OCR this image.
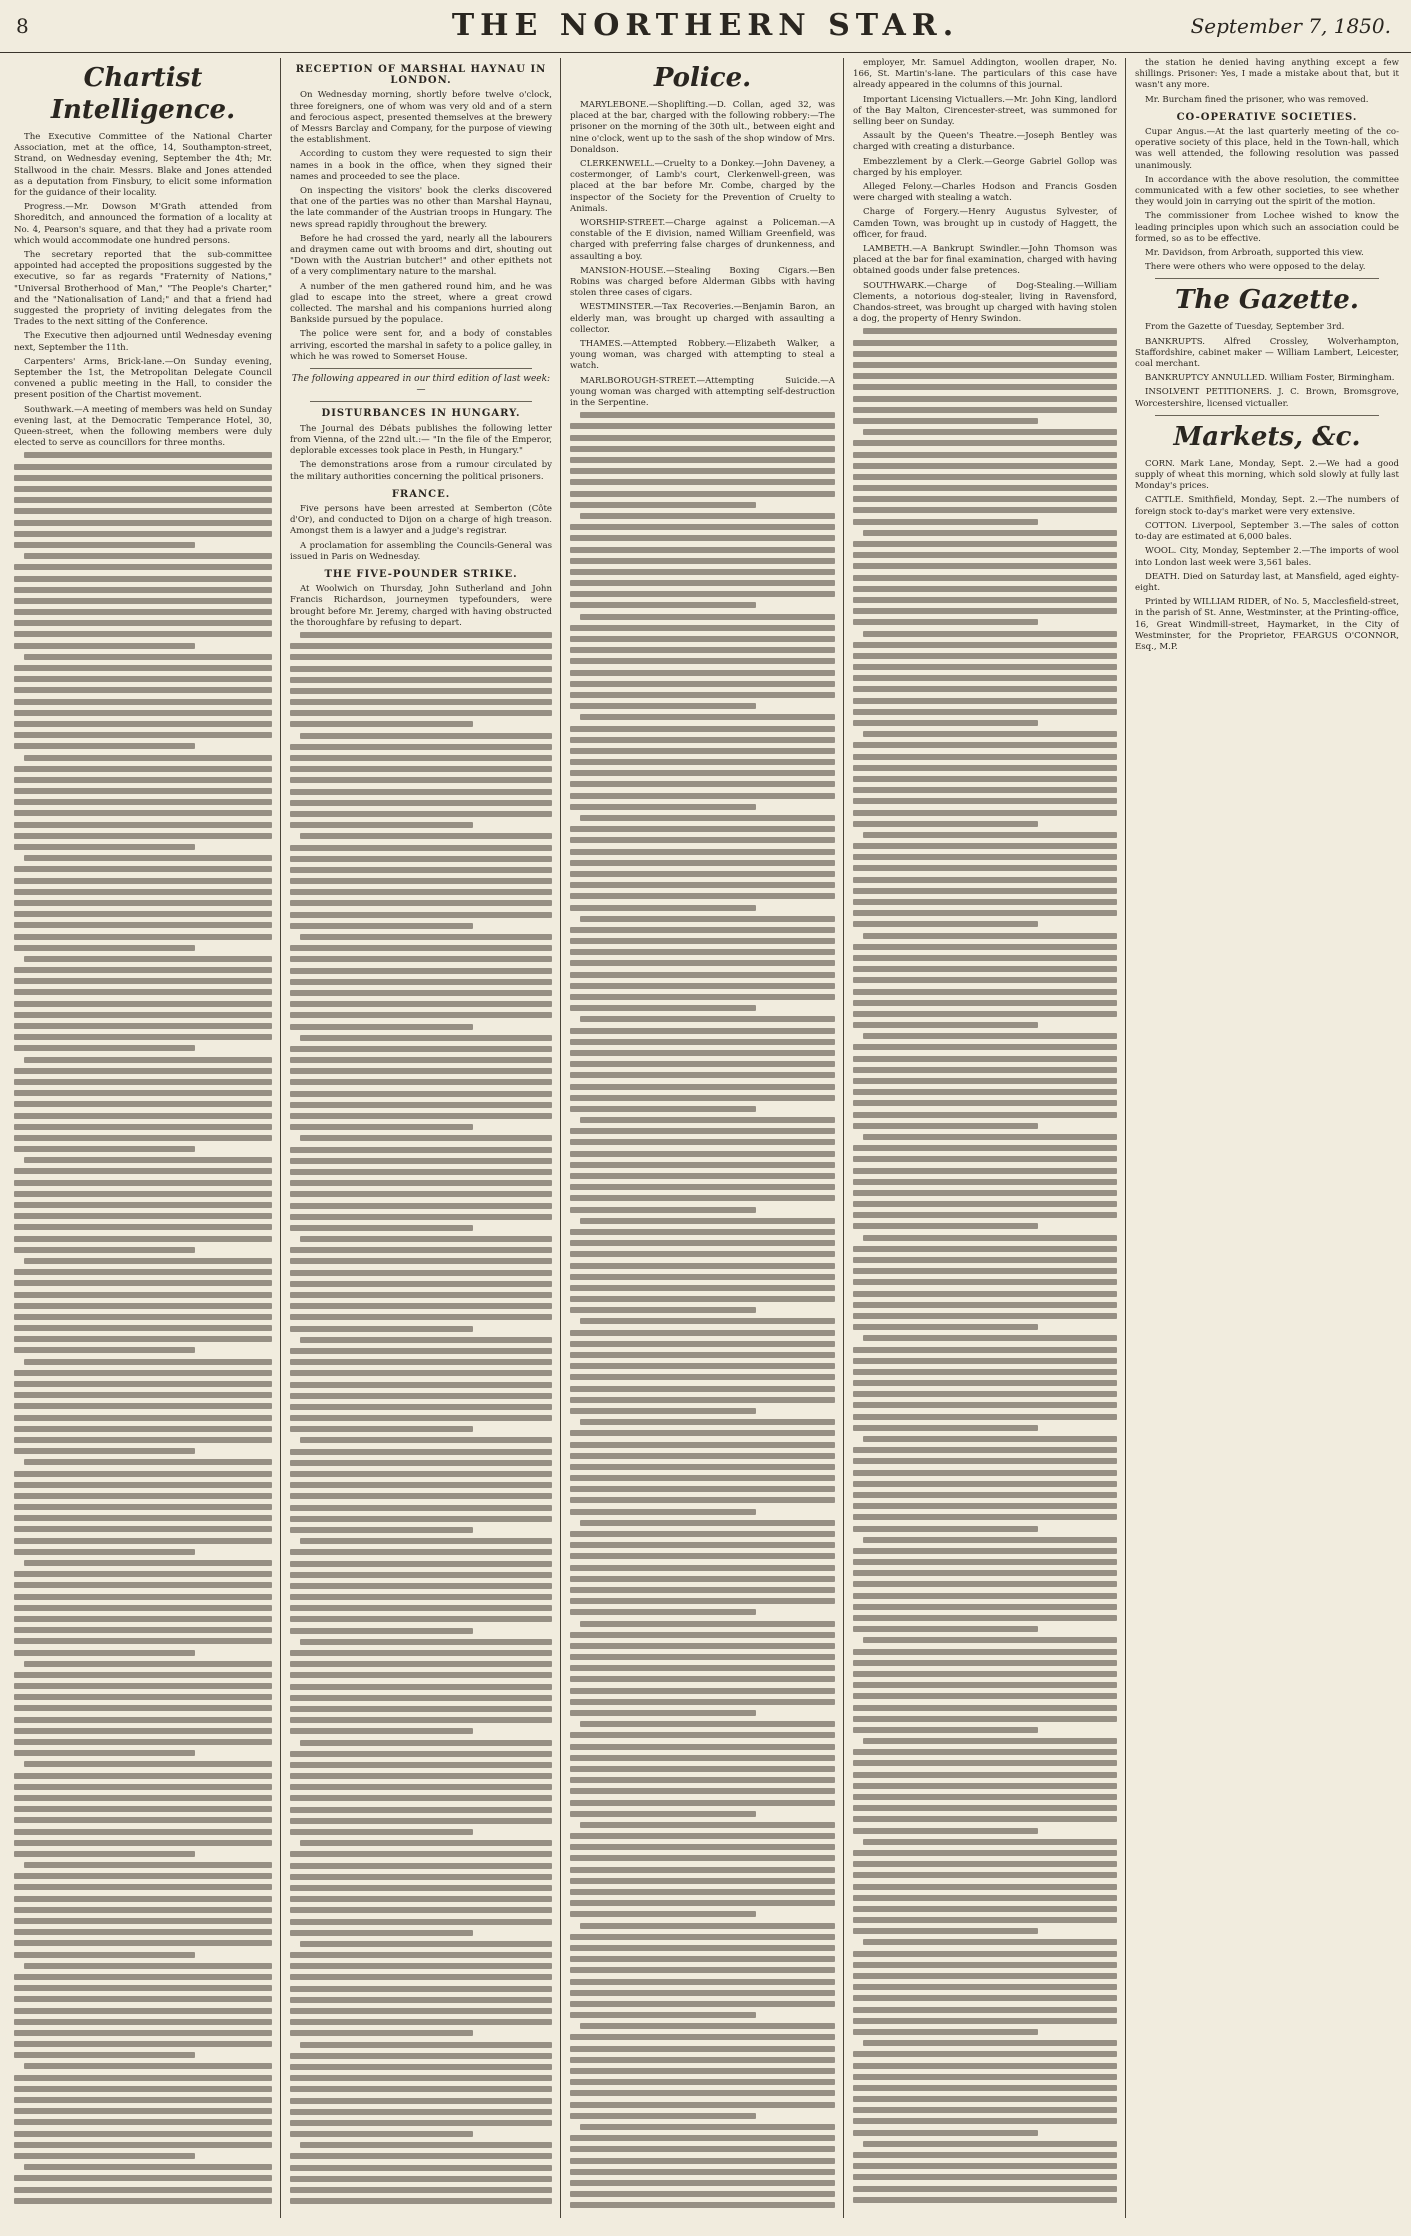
8	THE NORTHERN STAR.	September 7, 1850.
Chartist Intelligence.

The Executive Committee of the National Charter Association, met at the office, 14, Southampton-street, Strand, on Wednesday evening, September the 4th; Mr. Stallwood in the chair. Messrs. Blake and Jones attended as a deputation from Finsbury, to elicit some information for the guidance of their locality.

Progress.—Mr. Dowson M'Grath attended from Shoreditch, and announced the formation of a locality at No. 4, Pearson's square, and that they had a private room which would accommodate one hundred persons.

The secretary reported that the sub-committee appointed had accepted the propositions suggested by the executive, so far as regards "Fraternity of Nations," "Universal Brotherhood of Man," "The People's Charter," and the "Nationalisation of Land;" and that a friend had suggested the propriety of inviting delegates from the Trades to the next sitting of the Conference.

The Executive then adjourned until Wednesday evening next, September the 11th.

Carpenters' Arms, Brick-lane.—On Sunday evening, September the 1st, the Metropolitan Delegate Council convened a public meeting in the Hall, to consider the present position of the Chartist movement.

Southwark.—A meeting of members was held on Sunday evening last, at the Democratic Temperance Hotel, 30, Queen-street, when the following members were duly elected to serve as councillors for three months.

RECEPTION OF MARSHAL HAYNAU IN LONDON.

On Wednesday morning, shortly before twelve o'clock, three foreigners, one of whom was very old and of a stern and ferocious aspect, presented themselves at the brewery of Messrs Barclay and Company, for the purpose of viewing the establishment.

According to custom they were requested to sign their names in a book in the office, when they signed their names and proceeded to see the place.

On inspecting the visitors' book the clerks discovered that one of the parties was no other than Marshal Haynau, the late commander of the Austrian troops in Hungary. The news spread rapidly throughout the brewery.

Before he had crossed the yard, nearly all the labourers and draymen came out with brooms and dirt, shouting out "Down with the Austrian butcher!" and other epithets not of a very complimentary nature to the marshal.

A number of the men gathered round him, and he was glad to escape into the street, where a great crowd collected. The marshal and his companions hurried along Bankside pursued by the populace.

The police were sent for, and a body of constables arriving, escorted the marshal in safety to a police galley, in which he was rowed to Somerset House.

The following appeared in our third edition of last week:—
DISTURBANCES IN HUNGARY.

The Journal des Débats publishes the following letter from Vienna, of the 22nd ult.:— "In the file of the Emperor, deplorable excesses took place in Pesth, in Hungary."

The demonstrations arose from a rumour circulated by the military authorities concerning the political prisoners.

FRANCE.

Five persons have been arrested at Semberton (Côte d'Or), and conducted to Dijon on a charge of high treason. Amongst them is a lawyer and a judge's registrar.

A proclamation for assembling the Councils-General was issued in Paris on Wednesday.

THE FIVE-POUNDER STRIKE.

At Woolwich on Thursday, John Sutherland and John Francis Richardson, journeymen typefounders, were brought before Mr. Jeremy, charged with having obstructed the thoroughfare by refusing to depart.

Police.

MARYLEBONE.—Shoplifting.—D. Collan, aged 32, was placed at the bar, charged with the following robbery:—The prisoner on the morning of the 30th ult., between eight and nine o'clock, went up to the sash of the shop window of Mrs. Donaldson.

CLERKENWELL.—Cruelty to a Donkey.—John Daveney, a costermonger, of Lamb's court, Clerkenwell-green, was placed at the bar before Mr. Combe, charged by the inspector of the Society for the Prevention of Cruelty to Animals.

WORSHIP-STREET.—Charge against a Policeman.—A constable of the E division, named William Greenfield, was charged with preferring false charges of drunkenness, and assaulting a boy.

MANSION-HOUSE.—Stealing Boxing Cigars.—Ben Robins was charged before Alderman Gibbs with having stolen three cases of cigars.

WESTMINSTER.—Tax Recoveries.—Benjamin Baron, an elderly man, was brought up charged with assaulting a collector.

THAMES.—Attempted Robbery.—Elizabeth Walker, a young woman, was charged with attempting to steal a watch.

MARLBOROUGH-STREET.—Attempting Suicide.—A young woman was charged with attempting self-destruction in the Serpentine.

employer, Mr. Samuel Addington, woollen draper, No. 166, St. Martin's-lane. The particulars of this case have already appeared in the columns of this journal.

Important Licensing Victuallers.—Mr. John King, landlord of the Bay Malton, Cirencester-street, was summoned for selling beer on Sunday.

Assault by the Queen's Theatre.—Joseph Bentley was charged with creating a disturbance.

Embezzlement by a Clerk.—George Gabriel Gollop was charged by his employer.

Alleged Felony.—Charles Hodson and Francis Gosden were charged with stealing a watch.

Charge of Forgery.—Henry Augustus Sylvester, of Camden Town, was brought up in custody of Haggett, the officer, for fraud.

LAMBETH.—A Bankrupt Swindler.—John Thomson was placed at the bar for final examination, charged with having obtained goods under false pretences.

SOUTHWARK.—Charge of Dog-Stealing.—William Clements, a notorious dog-stealer, living in Ravensford, Chandos-street, was brought up charged with having stolen a dog, the property of Henry Swindon.

the station he denied having anything except a few shillings. Prisoner: Yes, I made a mistake about that, but it wasn't any more.

Mr. Burcham fined the prisoner, who was removed.

CO-OPERATIVE SOCIETIES.

Cupar Angus.—At the last quarterly meeting of the co-operative society of this place, held in the Town-hall, which was well attended, the following resolution was passed unanimously.

In accordance with the above resolution, the committee communicated with a few other societies, to see whether they would join in carrying out the spirit of the motion.

The commissioner from Lochee wished to know the leading principles upon which such an association could be formed, so as to be effective.

Mr. Davidson, from Arbroath, supported this view.

There were others who were opposed to the delay.

The Gazette.

From the Gazette of Tuesday, September 3rd.

BANKRUPTS. Alfred Crossley, Wolverhampton, Staffordshire, cabinet maker — William Lambert, Leicester, coal merchant.

BANKRUPTCY ANNULLED. William Foster, Birmingham.

INSOLVENT PETITIONERS. J. C. Brown, Bromsgrove, Worcestershire, licensed victualler.

Markets, &c.

CORN. Mark Lane, Monday, Sept. 2.—We had a good supply of wheat this morning, which sold slowly at fully last Monday's prices.

CATTLE. Smithfield, Monday, Sept. 2.—The numbers of foreign stock to-day's market were very extensive.

COTTON. Liverpool, September 3.—The sales of cotton to-day are estimated at 6,000 bales.

WOOL. City, Monday, September 2.—The imports of wool into London last week were 3,561 bales.

DEATH. Died on Saturday last, at Mansfield, aged eighty-eight.

Printed by WILLIAM RIDER, of No. 5, Macclesfield-street, in the parish of St. Anne, Westminster, at the Printing-office, 16, Great Windmill-street, Haymarket, in the City of Westminster, for the Proprietor, FEARGUS O'CONNOR, Esq., M.P.
